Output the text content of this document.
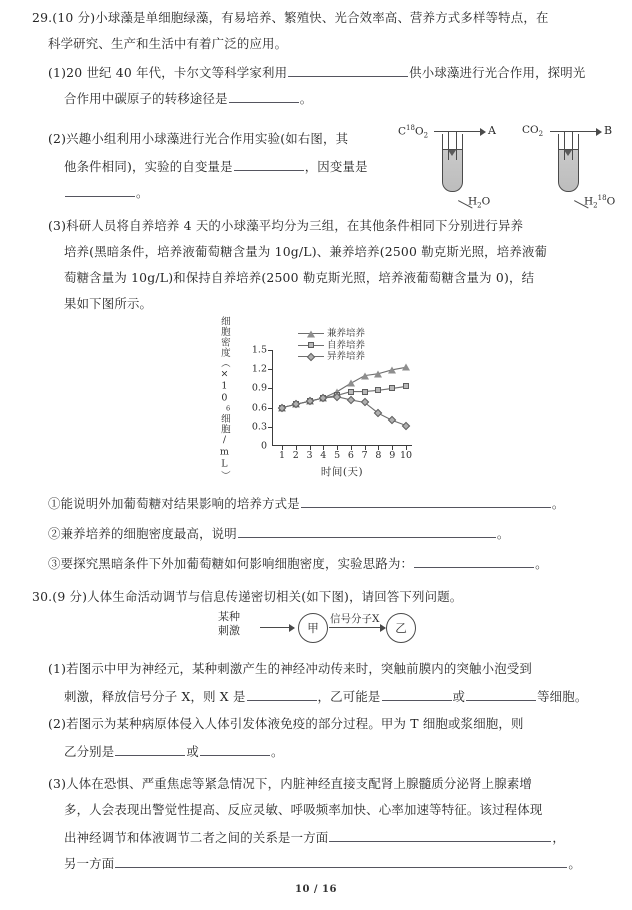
29.(10 分)小球藻是单细胞绿藻，有易培养、繁殖快、光合效率高、营养方式多样等特点，在
科学研究、生产和生活中有着广泛的应用。
(1)20 世纪 40 年代，卡尔文等科学家利用	供小球藻进行光合作用，探明光
合作用中碳原子的转移途径是	。
(2)兴趣小组利用小球藻进行光合作用实验(如右图，其
他条件相同)，实验的自变量是	，因变量是
。
$C^{18}O_2$	A
$H_2O$
$CO_2$	B
$H_2^{18}O$
(3)科研人员将自养培养 4 天的小球藻平均分为三组，在其他条件相同下分别进行异养
培养(黑暗条件，培养液葡萄糖含量为 10g/L)、兼养培养(2500 勒克斯光照，培养液葡
萄糖含量为 10g/L)和保持自养培养(2500 勒克斯光照，培养液葡萄糖含量为 0)，结
果如下图所示。
细胞密度（$\times 10^6$细胞/mL）
兼养培养
自养培养
异养培养
0
0.3
0.6
0.9
1.2
1.5
1 2 3 4 5 6 7 8 9 10
时间(天)
①能说明外加葡萄糖对结果影响的培养方式是	。
②兼养培养的细胞密度最高，说明	。
③要探究黑暗条件下外加葡萄糖如何影响细胞密度，实验思路为：	。
30.(9 分)人体生命活动调节与信息传递密切相关(如下图)，请回答下列问题。
某种
刺激	甲
信号分子X
乙
(1)若图示中甲为神经元，某种刺激产生的神经冲动传来时，突触前膜内的突触小泡受到
刺激，释放信号分子 X，则 X 是	，乙可能是	或	等细胞。
(2)若图示为某种病原体侵入人体引发体液免疫的部分过程。甲为 T 细胞或浆细胞，则
乙分别是	或	。
(3)人体在恐惧、严重焦虑等紧急情况下，内脏神经直接支配肾上腺髓质分泌肾上腺素增
多，人会表现出警觉性提高、反应灵敏、呼吸频率加快、心率加速等特征。该过程体现
出神经调节和体液调节二者之间的关系是一方面	，
另一方面	。
10 / 16
